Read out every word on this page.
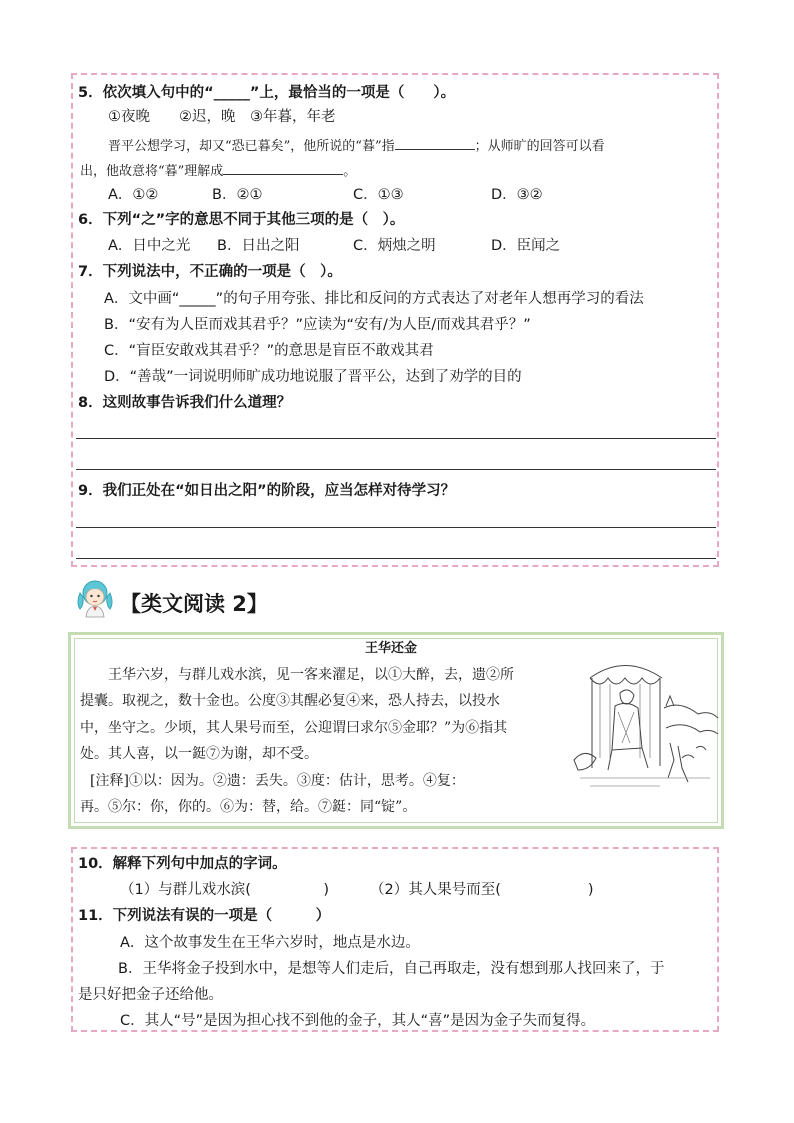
5．依次填入句中的“_____”上，最恰当的一项是（　　）。
①夜晚　　②迟，晚　③年暮，年老
晋平公想学习，却又“恐已暮矣”，他所说的“暮”指	；从师旷的回答可以看
出，他故意将“暮”理解成	。
A．①②	B．②①	C．①③	D．③②
6．下列“之”字的意思不同于其他三项的是（　）。
A．日中之光 B．日出之阳	C．炳烛之明	D．臣闻之
7．下列说法中，不正确的一项是（　）。
A．文中画“_____”的句子用夸张、排比和反问的方式表达了对老年人想再学习的看法
B．“安有为人臣而戏其君乎？”应读为“安有/为人臣/而戏其君乎？”
C．“盲臣安敢戏其君乎？”的意思是盲臣不敢戏其君
D．“善哉”一词说明师旷成功地说服了晋平公，达到了劝学的目的
8．这则故事告诉我们什么道理？
9．我们正处在“如日出之阳”的阶段，应当怎样对待学习？
【类文阅读 2】
王华还金
王华六岁，与群儿戏水滨，见一客来濯足，以①大醉，去，遗②所
提囊。取视之，数十金也。公度③其醒必复④来，恐人持去，以投水
中，坐守之。少顷，其人果号而至，公迎谓曰求尔⑤金耶？”为⑥指其
处。其人喜，以一鋌⑦为谢，却不受。
[注释]①以：因为。②遗：丢失。③度：估计，思考。④复：
再。⑤尔：你，你的。⑥为：替，给。⑦鋌：同“锭”。
10．解释下列句中加点的字词。
（1）与群儿戏水滨(　　　　　)	（2）其人果号而至(　　　　　　)
11．下列说法有误的一项是（　　　）
A．这个故事发生在王华六岁时，地点是水边。
B．王华将金子投到水中，是想等人们走后，自己再取走，没有想到那人找回来了，于
是只好把金子还给他。
C．其人“号”是因为担心找不到他的金子，其人“喜”是因为金子失而复得。
